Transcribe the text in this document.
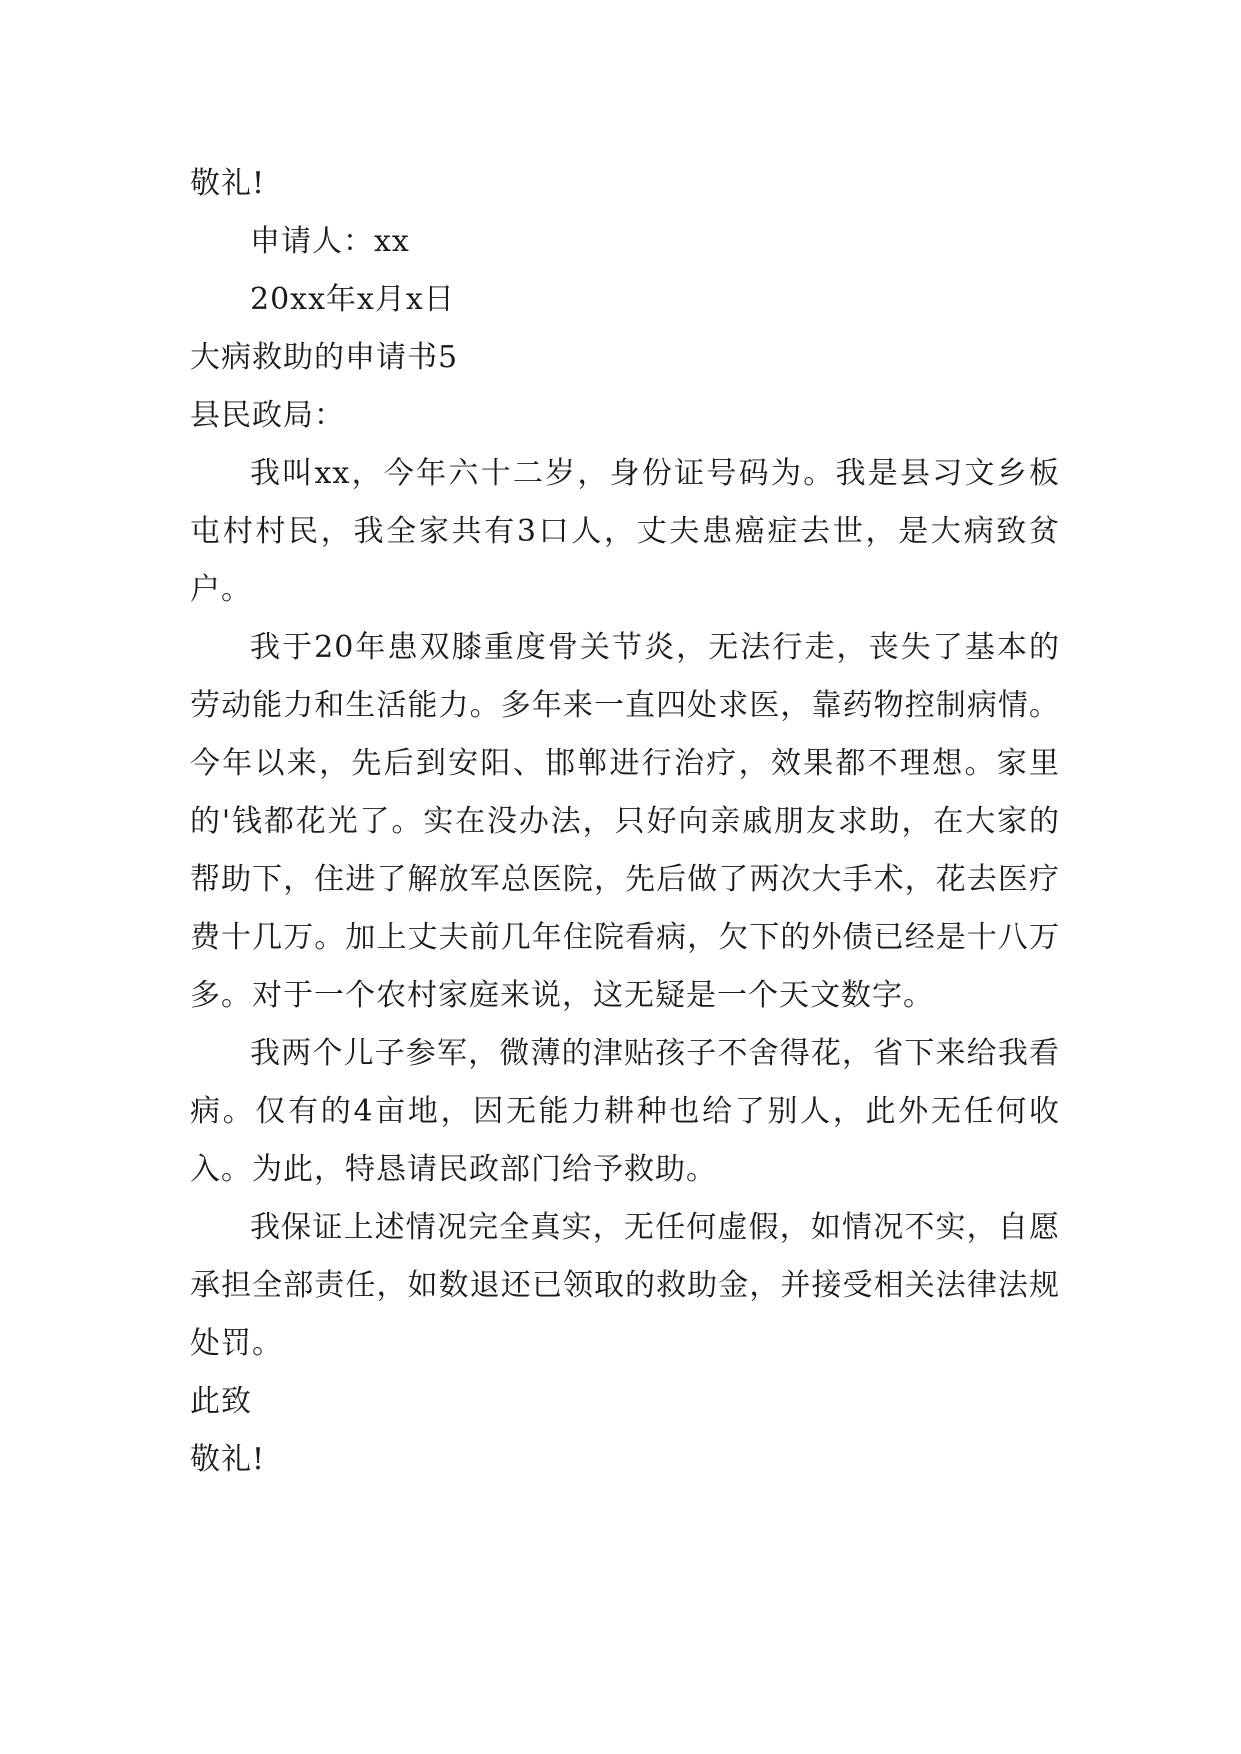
敬礼!

申请人：xx

20xx年x月x日

大病救助的申请书5

县民政局：

我叫xx，今年六十二岁，身份证号码为。我是县习文乡板屯村村民，我全家共有3口人，丈夫患癌症去世，是大病致贫户。

我于20年患双膝重度骨关节炎，无法行走，丧失了基本的劳动能力和生活能力。多年来一直四处求医，靠药物控制病情。今年以来，先后到安阳、邯郸进行治疗，效果都不理想。家里的'钱都花光了。实在没办法，只好向亲戚朋友求助，在大家的帮助下，住进了解放军总医院，先后做了两次大手术，花去医疗费十几万。加上丈夫前几年住院看病，欠下的外债已经是十八万多。对于一个农村家庭来说，这无疑是一个天文数字。

我两个儿子参军，微薄的津贴孩子不舍得花，省下来给我看病。仅有的4亩地，因无能力耕种也给了别人，此外无任何收入。为此，特恳请民政部门给予救助。

我保证上述情况完全真实，无任何虚假，如情况不实，自愿承担全部责任，如数退还已领取的救助金，并接受相关法律法规处罚。

此致

敬礼!
